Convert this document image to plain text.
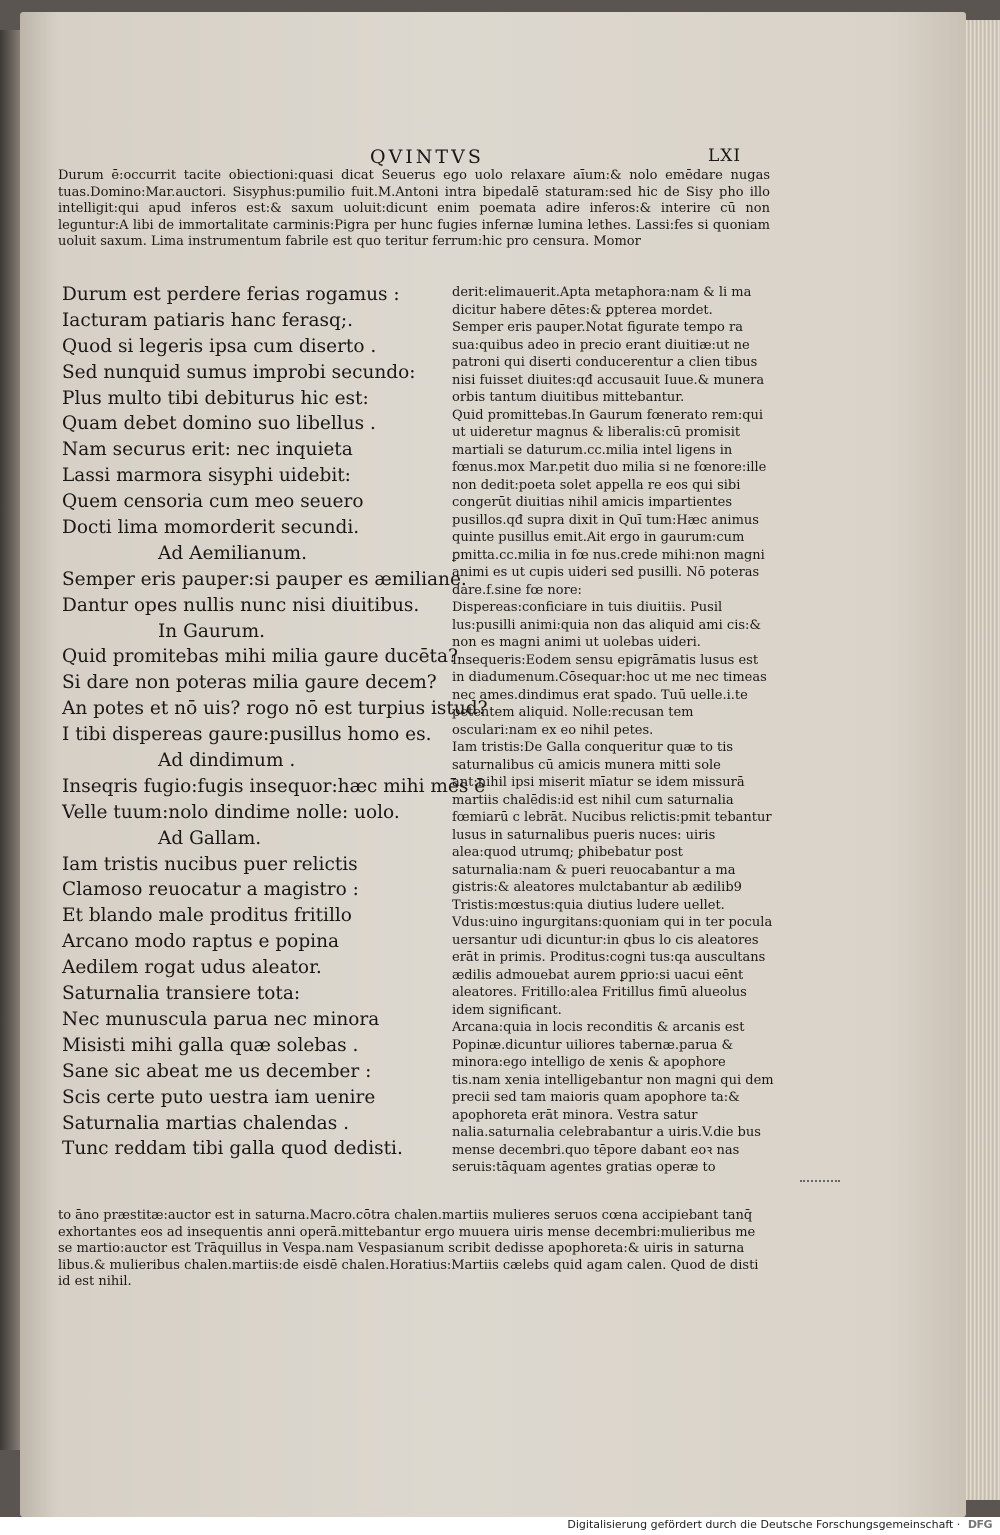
QVINTVS	LXI
Durum ē:occurrit tacite obiectioni:quasi dicat Seuerus ego uolo relaxare aīum:& nolo emēdare nugas tuas.Domino:Mar.auctori. Sisyphus:pumilio fuit.M.Antoni intra bipedalē staturam:sed hic de Sisy pho illo intelligit:qui apud inferos est:& saxum uoluit:dicunt enim poemata adire inferos:& interire cū non leguntur:A libi de immortalitate carminis:Pigra per hunc fugies infernæ lumina lethes. Lassi:fes si quoniam uoluit saxum. Lima instrumentum fabrile est quo teritur ferrum:hic pro censura. Momor
Durum est perdere ferias rogamus :
Iacturam patiaris hanc ferasq;.
Quod si legeris ipsa cum diserto .
Sed nunquid sumus improbi secundo:
Plus multo tibi debiturus hic est:
Quam debet domino suo libellus .
Nam securus erit: nec inquieta
Lassi marmora sisyphi uidebit:
Quem censoria cum meo seuero
Docti lima momorderit secundi.
Ad Aemilianum.
Semper eris pauper:si pauper es æmiliane.
Dantur opes nullis nunc nisi diuitibus.
In Gaurum.
Quid promitebas mihi milia gaure ducēta?
Si dare non poteras milia gaure decem?
An potes et nō uis? rogo nō est turpius istud?
I tibi dispereas gaure:pusillus homo es.
Ad dindimum .
Inseqris fugio:fugis insequor:hæc mihi mēs ē
Velle tuum:nolo dindime nolle: uolo.
Ad Gallam.
Iam tristis nucibus puer relictis
Clamoso reuocatur a magistro :
Et blando male proditus fritillo
Arcano modo raptus e popina
Aedilem rogat udus aleator.
Saturnalia transiere tota:
Nec munuscula parua nec minora
Misisti mihi galla quæ solebas .
Sane sic abeat me us december :
Scis certe puto uestra iam uenire
Saturnalia martias chalendas .
Tunc reddam tibi galla quod dedisti.

derit:elimauerit.Apta metaphora:nam & li ma dicitur habere dētes:& ꝑpterea mordet.

Semper eris pauper.Notat figurate tempo ra sua:quibus adeo in precio erant diuitiæ:ut ne patroni qui diserti conducerentur a clien tibus nisi fuisset diuites:qđ accusauit Iuue.& munera orbis tantum diuitibus mittebantur.

Quid promittebas.In Gaurum fœnerato rem:qui ut uideretur magnus & liberalis:cū promisit martiali se daturum.cc.milia intel ligens in fœnus.mox Mar.petit duo milia si ne fœnore:ille non dedit:poeta solet appella re eos qui sibi congerūt diuitias nihil amicis impartientes pusillos.qđ supra dixit in Quī tum:Hæc animus quinte pusillus emit.Ait ergo in gaurum:cum ꝑmitta.cc.milia in fœ nus.crede mihi:non magni animi es ut cupis uideri sed pusilli. Nō poteras dare.f.sine fœ nore:

Dispereas:conficiare in tuis diuitiis. Pusil lus:pusilli animi:quia non das aliquid ami cis:& non es magni animi ut uolebas uideri.

Insequeris:Eodem sensu epigrāmatis lusus est in diadumenum.Cōsequar:hoc ut me nec timeas nec ames.dindimus erat spado. Tuū uelle.i.te petentem aliquid. Nolle:recusan tem osculari:nam ex eo nihil petes.

Iam tristis:De Galla conqueritur quæ to tis saturnalibus cū amicis munera mitti sole ant:nihil ipsi miserit mīatur se idem missurā martiis chalēdis:id est nihil cum saturnalia fœmiarū c lebrāt. Nucibus relictis:pmit tebantur lusus in saturnalibus pueris nuces: uiris alea:quod utrumq; ꝑhibebatur post saturnalia:nam & pueri reuocabantur a ma gistris:& aleatores mulctabantur ab ædilib9

Tristis:mœstus:quia diutius ludere uellet.

Vdus:uino ingurgitans:quoniam qui in ter pocula uersantur udi dicuntur:in qbus lo cis aleatores erāt in primis. Proditus:cogni tus:qa auscultans ædilis admouebat aurem ꝑprio:si uacui eēnt aleatores. Fritillo:alea Fritillus fimū alueolus idem significant.

Arcana:quia in locis reconditis & arcanis est

Popinæ.dicuntur uiliores tabernæ.parua & minora:ego intelligo de xenis & apophore tis.nam xenia intelligebantur non magni qui dem precii sed tam maioris quam apophore ta:& apophoreta erāt minora. Vestra satur nalia.saturnalia celebrabantur a uiris.V.die bus mense decembri.quo tēpore dabant eoꝛ nas seruis:tāquam agentes gratias operæ to

to āno præstitæ:auctor est in saturna.Macro.cōtra chalen.martiis mulieres seruos cœna accipiebant tanq̄ exhortantes eos ad insequentis anni operā.mittebantur ergo muuera uiris mense decembri:mulieribus me se martio:auctor est Trāquillus in Vespa.nam Vespasianum scribit dedisse apophoreta:& uiris in saturna libus.& mulieribus chalen.martiis:de eisdē chalen.Horatius:Martiis cælebs quid agam calen. Quod de disti id est nihil.
Digitalisierung gefördert durch die Deutsche Forschungsgemeinschaft · DFG
